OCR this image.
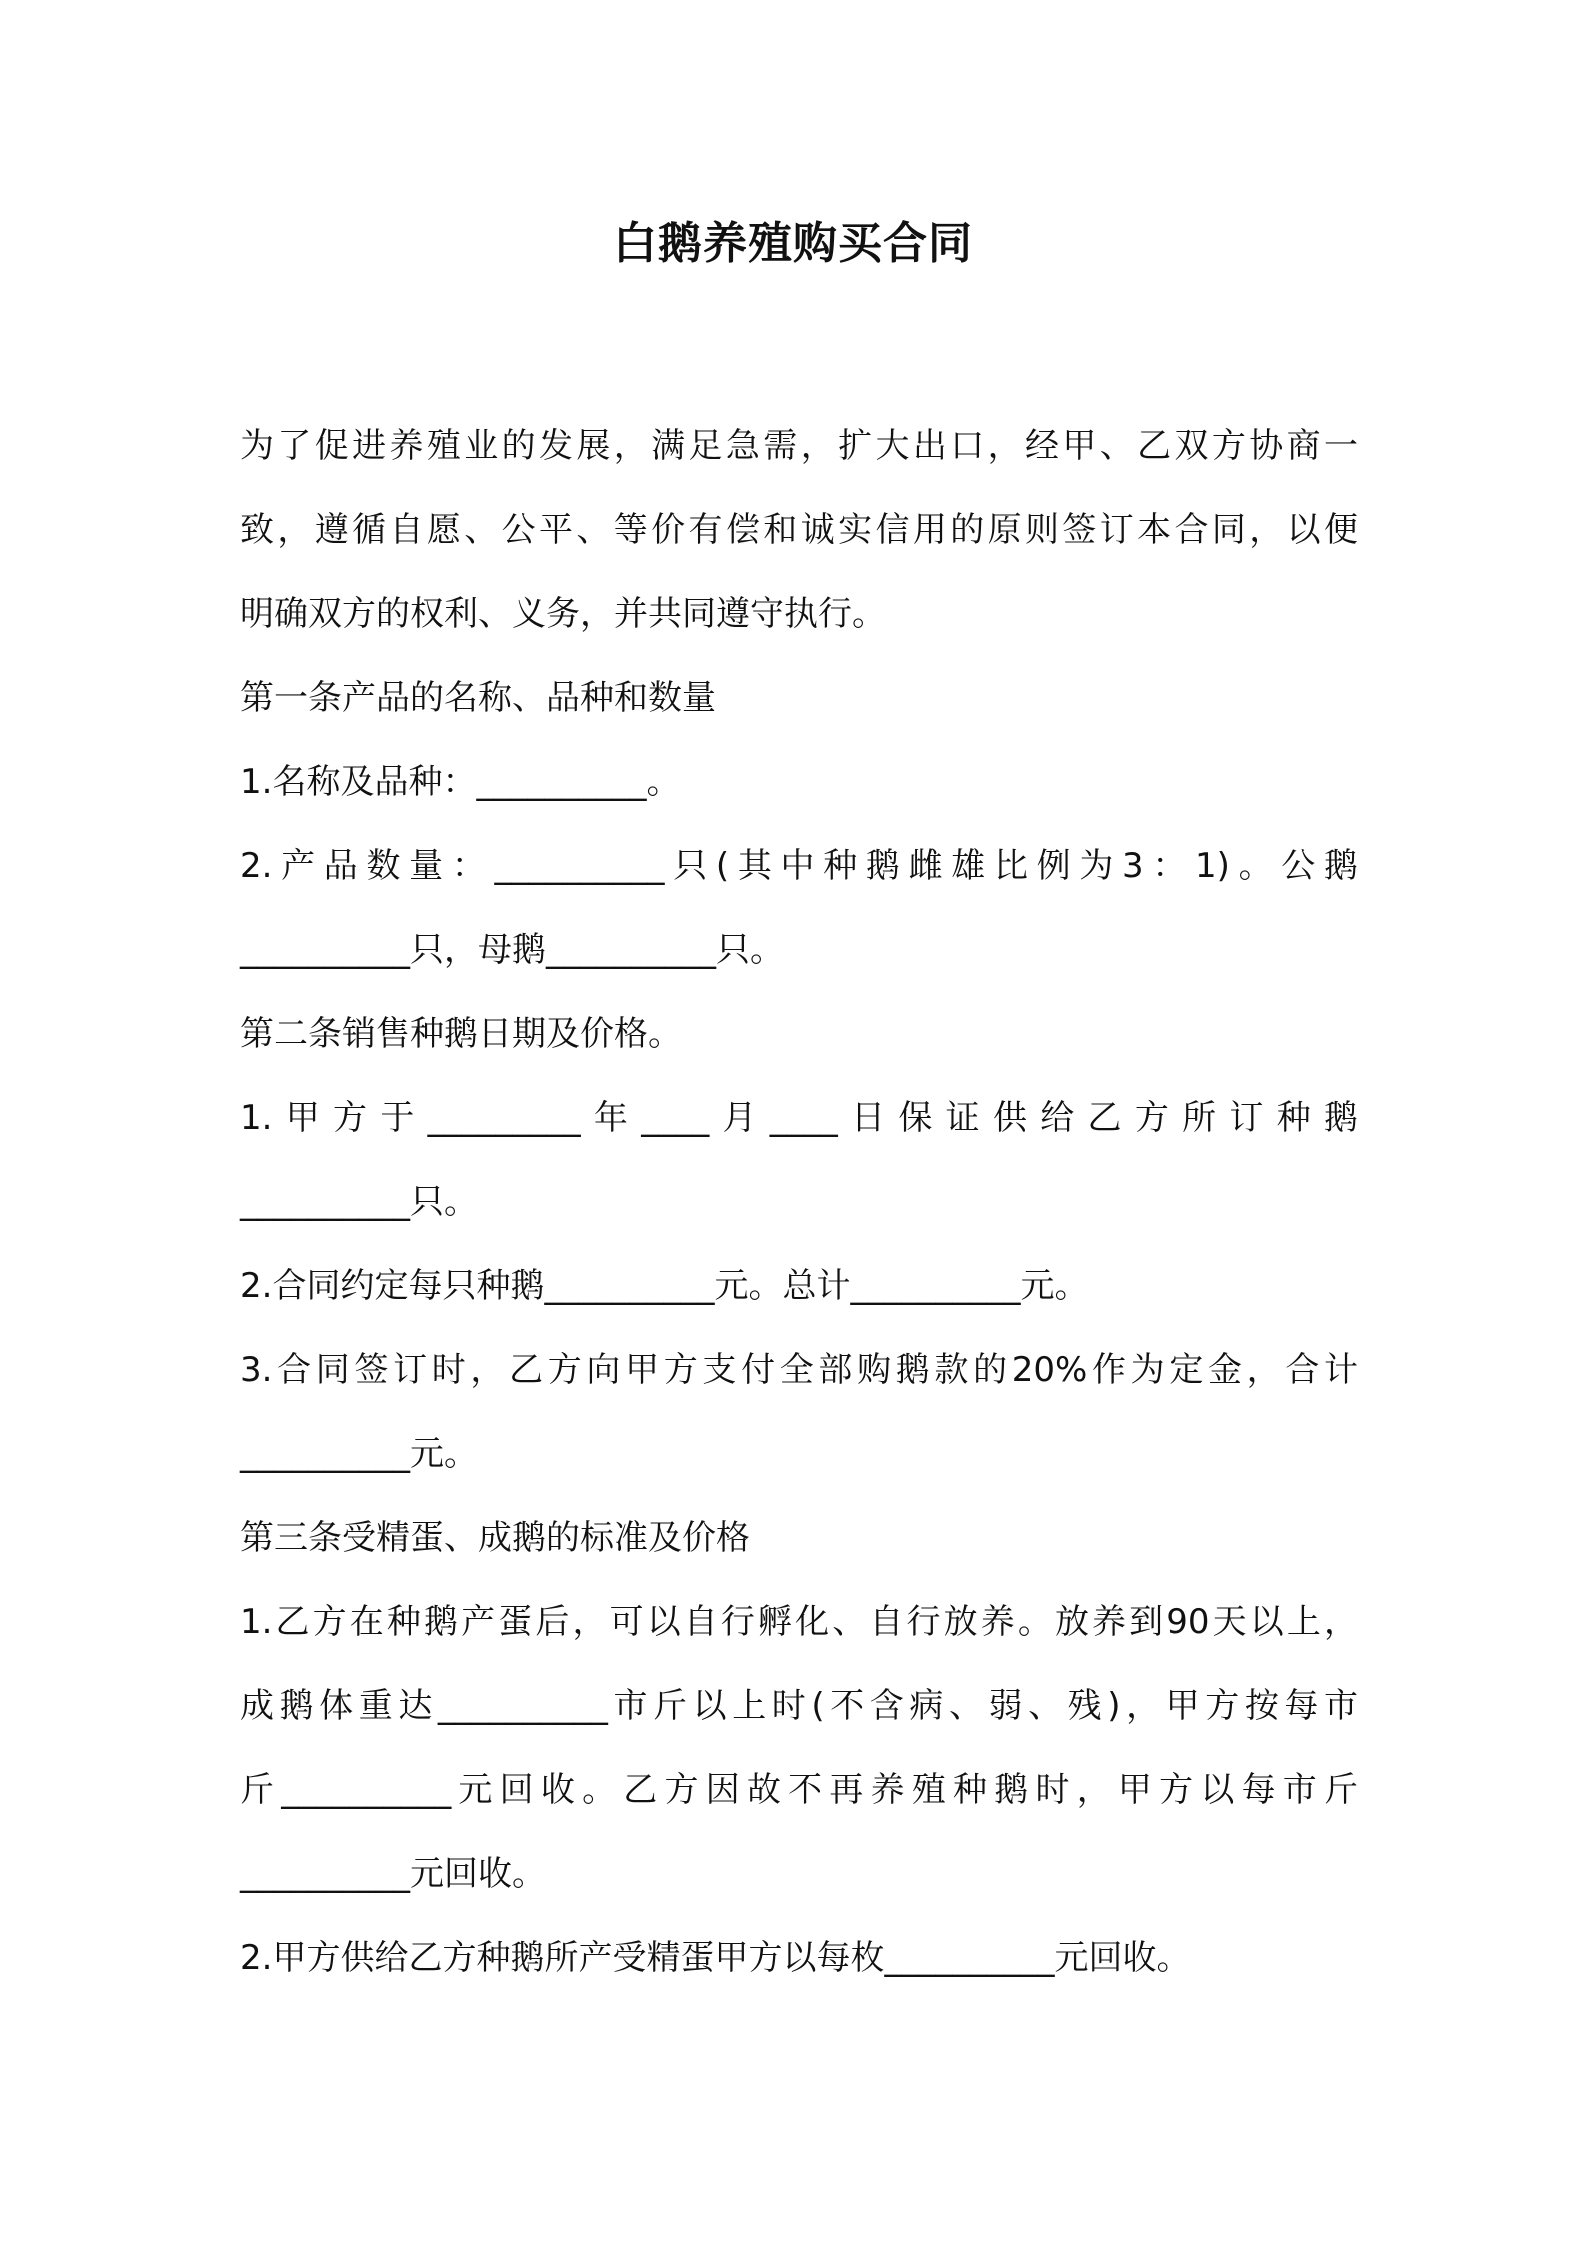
白鹅养殖购买合同
为了促进养殖业的发展，满足急需，扩大出口，经甲、乙双方协商一
致，遵循自愿、公平、等价有偿和诚实信用的原则签订本合同，以便
明确双方的权利、义务，并共同遵守执行。
第一条产品的名称、品种和数量
1.名称及品种：__________。
2.产品数量：__________只(其中种鹅雌雄比例为3：1)。公鹅
__________只，母鹅__________只。
第二条销售种鹅日期及价格。
1.甲方于_________年____月____日保证供给乙方所订种鹅
__________只。
2.合同约定每只种鹅__________元。总计__________元。
3.合同签订时，乙方向甲方支付全部购鹅款的20%作为定金，合计
__________元。
第三条受精蛋、成鹅的标准及价格
1.乙方在种鹅产蛋后，可以自行孵化、自行放养。放养到90天以上，
成鹅体重达__________市斤以上时(不含病、弱、残)，甲方按每市
斤__________元回收。乙方因故不再养殖种鹅时，甲方以每市斤
__________元回收。
2.甲方供给乙方种鹅所产受精蛋甲方以每枚__________元回收。
